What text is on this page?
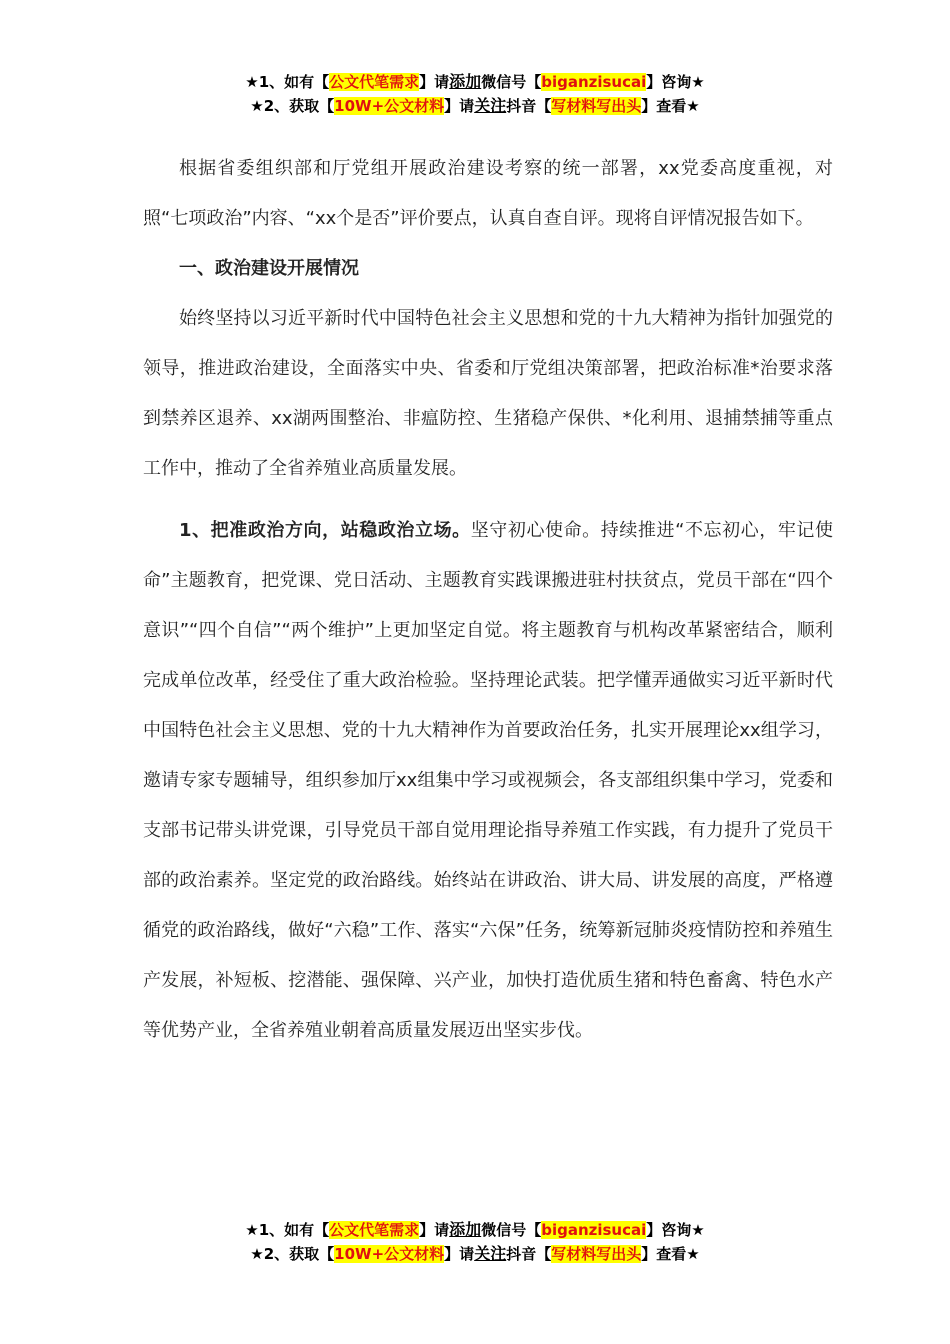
★1、如有【公文代笔需求】请添加微信号【biganzisucai】咨询★
★2、获取【10W+公文材料】请关注抖音【写材料写出头】查看★

根据省委组织部和厅党组开展政治建设考察的统一部署，xx党委高度重视，对照“七项政治”内容、“xx个是否”评价要点，认真自查自评。现将自评情况报告如下。

一、政治建设开展情况

始终坚持以习近平新时代中国特色社会主义思想和党的十九大精神为指针加强党的领导，推进政治建设，全面落实中央、省委和厅党组决策部署，把政治标准*治要求落到禁养区退养、xx湖两围整治、非瘟防控、生猪稳产保供、*化利用、退捕禁捕等重点工作中，推动了全省养殖业高质量发展。

1、把准政治方向，站稳政治立场。坚守初心使命。持续推进“不忘初心，牢记使命”主题教育，把党课、党日活动、主题教育实践课搬进驻村扶贫点，党员干部在“四个意识”“四个自信”“两个维护”上更加坚定自觉。将主题教育与机构改革紧密结合，顺利完成单位改革，经受住了重大政治检验。坚持理论武装。把学懂弄通做实习近平新时代中国特色社会主义思想、党的十九大精神作为首要政治任务，扎实开展理论xx组学习，邀请专家专题辅导，组织参加厅xx组集中学习或视频会，各支部组织集中学习，党委和支部书记带头讲党课，引导党员干部自觉用理论指导养殖工作实践，有力提升了党员干部的政治素养。坚定党的政治路线。始终站在讲政治、讲大局、讲发展的高度，严格遵循党的政治路线，做好“六稳”工作、落实“六保”任务，统筹新冠肺炎疫情防控和养殖生产发展，补短板、挖潜能、强保障、兴产业，加快打造优质生猪和特色畜禽、特色水产等优势产业，全省养殖业朝着高质量发展迈出坚实步伐。

★1、如有【公文代笔需求】请添加微信号【biganzisucai】咨询★
★2、获取【10W+公文材料】请关注抖音【写材料写出头】查看★
